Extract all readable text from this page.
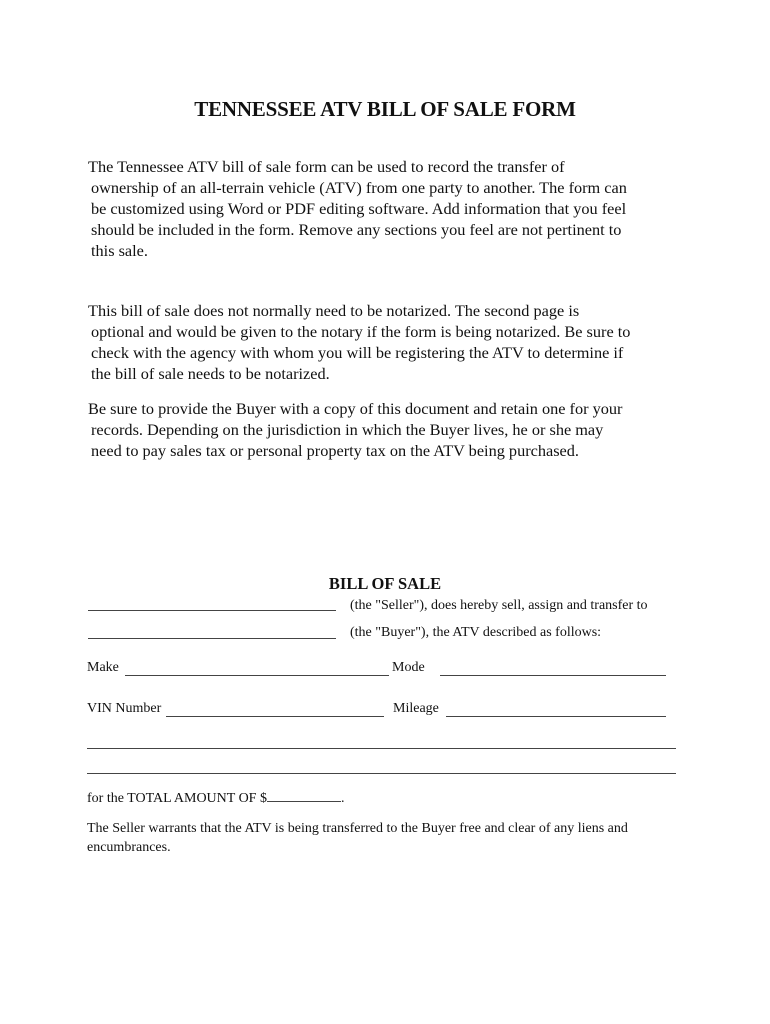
TENNESSEE ATV BILL OF SALE FORM
The Tennessee ATV bill of sale form can be used to record the transfer of
ownership of an all-terrain vehicle (ATV) from one party to another. The form can
be customized using Word or PDF editing software. Add information that you feel
should be included in the form. Remove any sections you feel are not pertinent to
this sale.
This bill of sale does not normally need to be notarized. The second page is
optional and would be given to the notary if the form is being notarized. Be sure to
check with the agency with whom you will be registering the ATV to determine if
the bill of sale needs to be notarized.
Be sure to provide the Buyer with a copy of this document and retain one for your
records. Depending on the jurisdiction in which the Buyer lives, he or she may
need to pay sales tax or personal property tax on the ATV being purchased.
BILL OF SALE
(the "Seller"), does hereby sell, assign and transfer to
(the "Buyer"), the ATV described as follows:
Make	Mode
VIN Number	Mileage
for the TOTAL AMOUNT OF $	.
The Seller warrants that the ATV is being transferred to the Buyer free and clear of any liens and
encumbrances.
